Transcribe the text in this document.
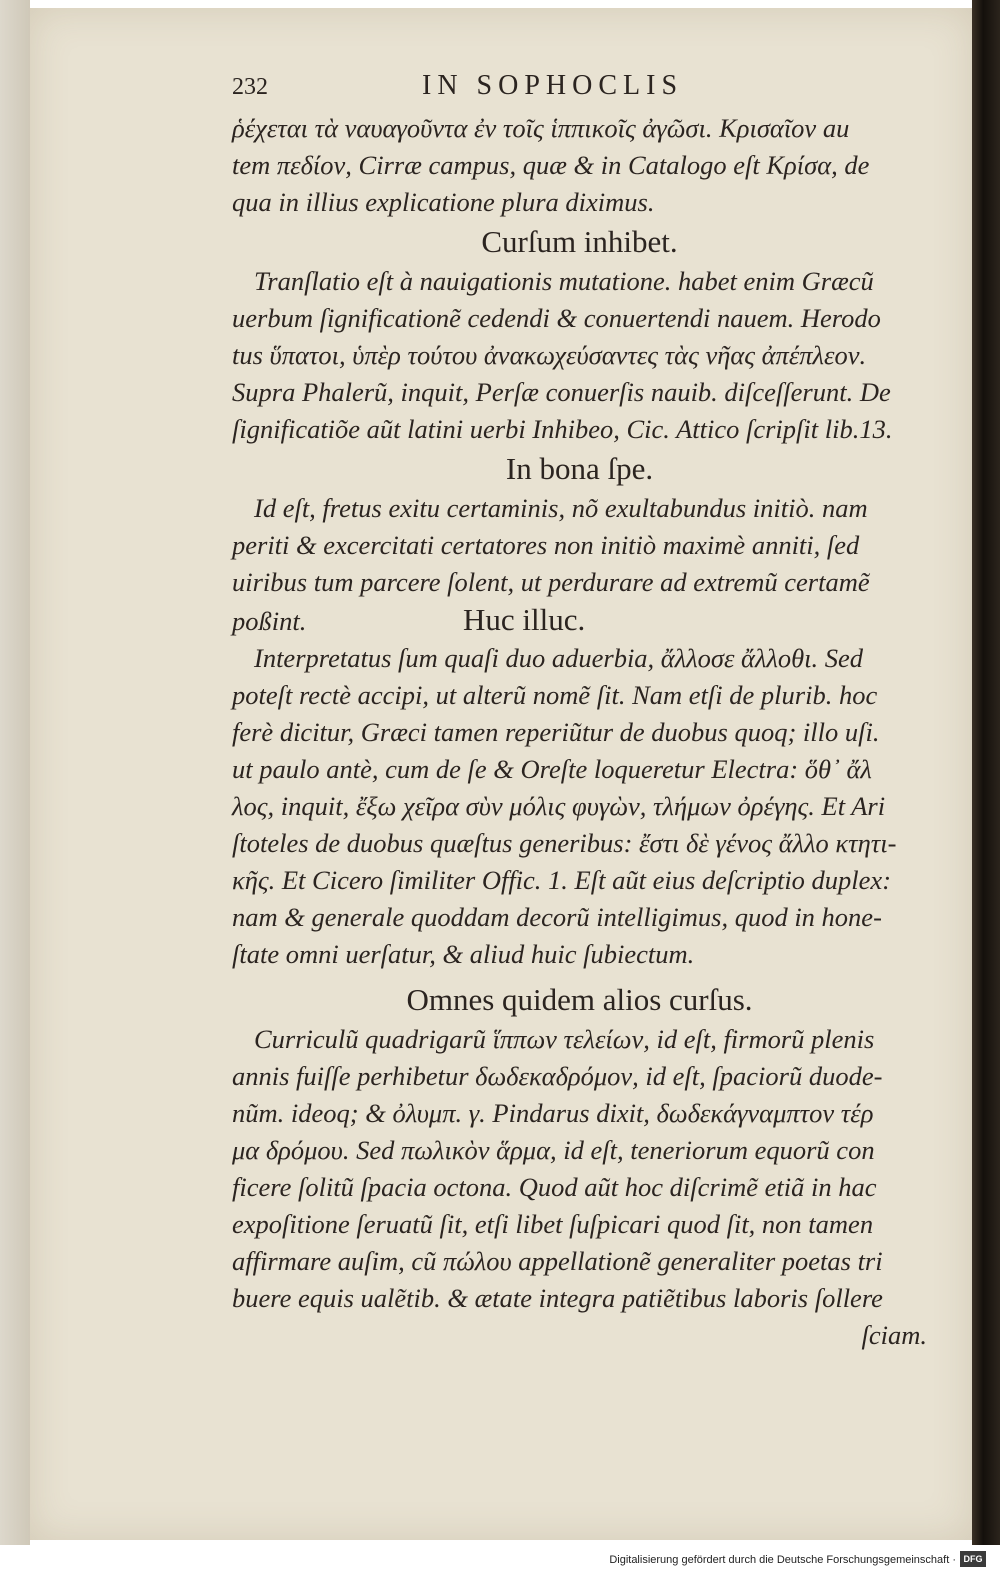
232	IN SOPHOCLIS

ῥέχεται τὰ ναυαγοῦντα ἐν τοῖς ἱππικοῖς ἀγῶσι. Κρισαῖον au
tem πεδίον, Cirræ campus, quæ & in Catalogo eſt Κρίσα, de
qua in illius explicatione plura diximus.

Curſum inhibet.

Tranſlatio eſt à nauigationis mutatione. habet enim Græcũ
uerbum ſignificationẽ cedendi & conuertendi nauem. Herodo
tus ὕπατοι, ὑπὲρ τούτου ἀνακωχεύσαντες τὰς νῆας ἀπέπλεον.
Supra Phalerũ, inquit, Perſæ conuerſis nauib. diſceſſerunt. De
ſignificatiõe aũt latini uerbi Inhibeo, Cic. Attico ſcripſit lib.13.

In bona ſpe.

Id eſt, fretus exitu certaminis, nõ exultabundus initiò. nam
periti & excercitati certatores non initiò maximè anniti, ſed
uiribus tum parcere ſolent, ut perdurare ad extremũ certamẽ
poßint.	Huc illuc.

Interpretatus ſum quaſi duo aduerbia, ἄλλοσε ἄλλοθι. Sed
poteſt rectè accipi, ut alterũ nomẽ ſit. Nam etſi de plurib. hoc
ferè dicitur, Græci tamen reperiũtur de duobus quoq; illo uſi.
ut paulo antè, cum de ſe & Oreſte loqueretur Electra: ὅθ᾽ ἄλ
λος, inquit, ἔξω χεῖρα σὺν μόλις φυγὼν, τλήμων ὀρέγης. Et Ari
ſtoteles de duobus quæſtus generibus: ἔστι δὲ γένος ἄλλο κτητι-
κῆς. Et Cicero ſimiliter Offic. 1. Eſt aũt eius deſcriptio duplex:
nam & generale quoddam decorũ intelligimus, quod in hone-
ſtate omni uerſatur, & aliud huic ſubiectum.

Omnes quidem alios curſus.

Curriculũ quadrigarũ ἵππων τελείων, id eſt, firmorũ plenis
annis fuiſſe perhibetur δωδεκαδρόμον, id eſt, ſpaciorũ duode-
nũm. ideoq; & ὀλυμπ. γ. Pindarus dixit, δωδεκάγναμπτον τέρ
μα δρόμου. Sed πωλικὸν ἅρμα, id eſt, teneriorum equorũ con
ficere ſolitũ ſpacia octona. Quod aũt hoc diſcrimẽ etiã in hac
expoſitione ſeruatũ ſit, etſi libet ſuſpicari quod ſit, non tamen
affirmare auſim, cũ πώλου appellationẽ generaliter poetas tri
buere equis ualẽtib. & ætate integra patiẽtibus laboris ſollere
ſciam.

Digitalisierung gefördert durch die Deutsche Forschungsgemeinschaft · DFG
